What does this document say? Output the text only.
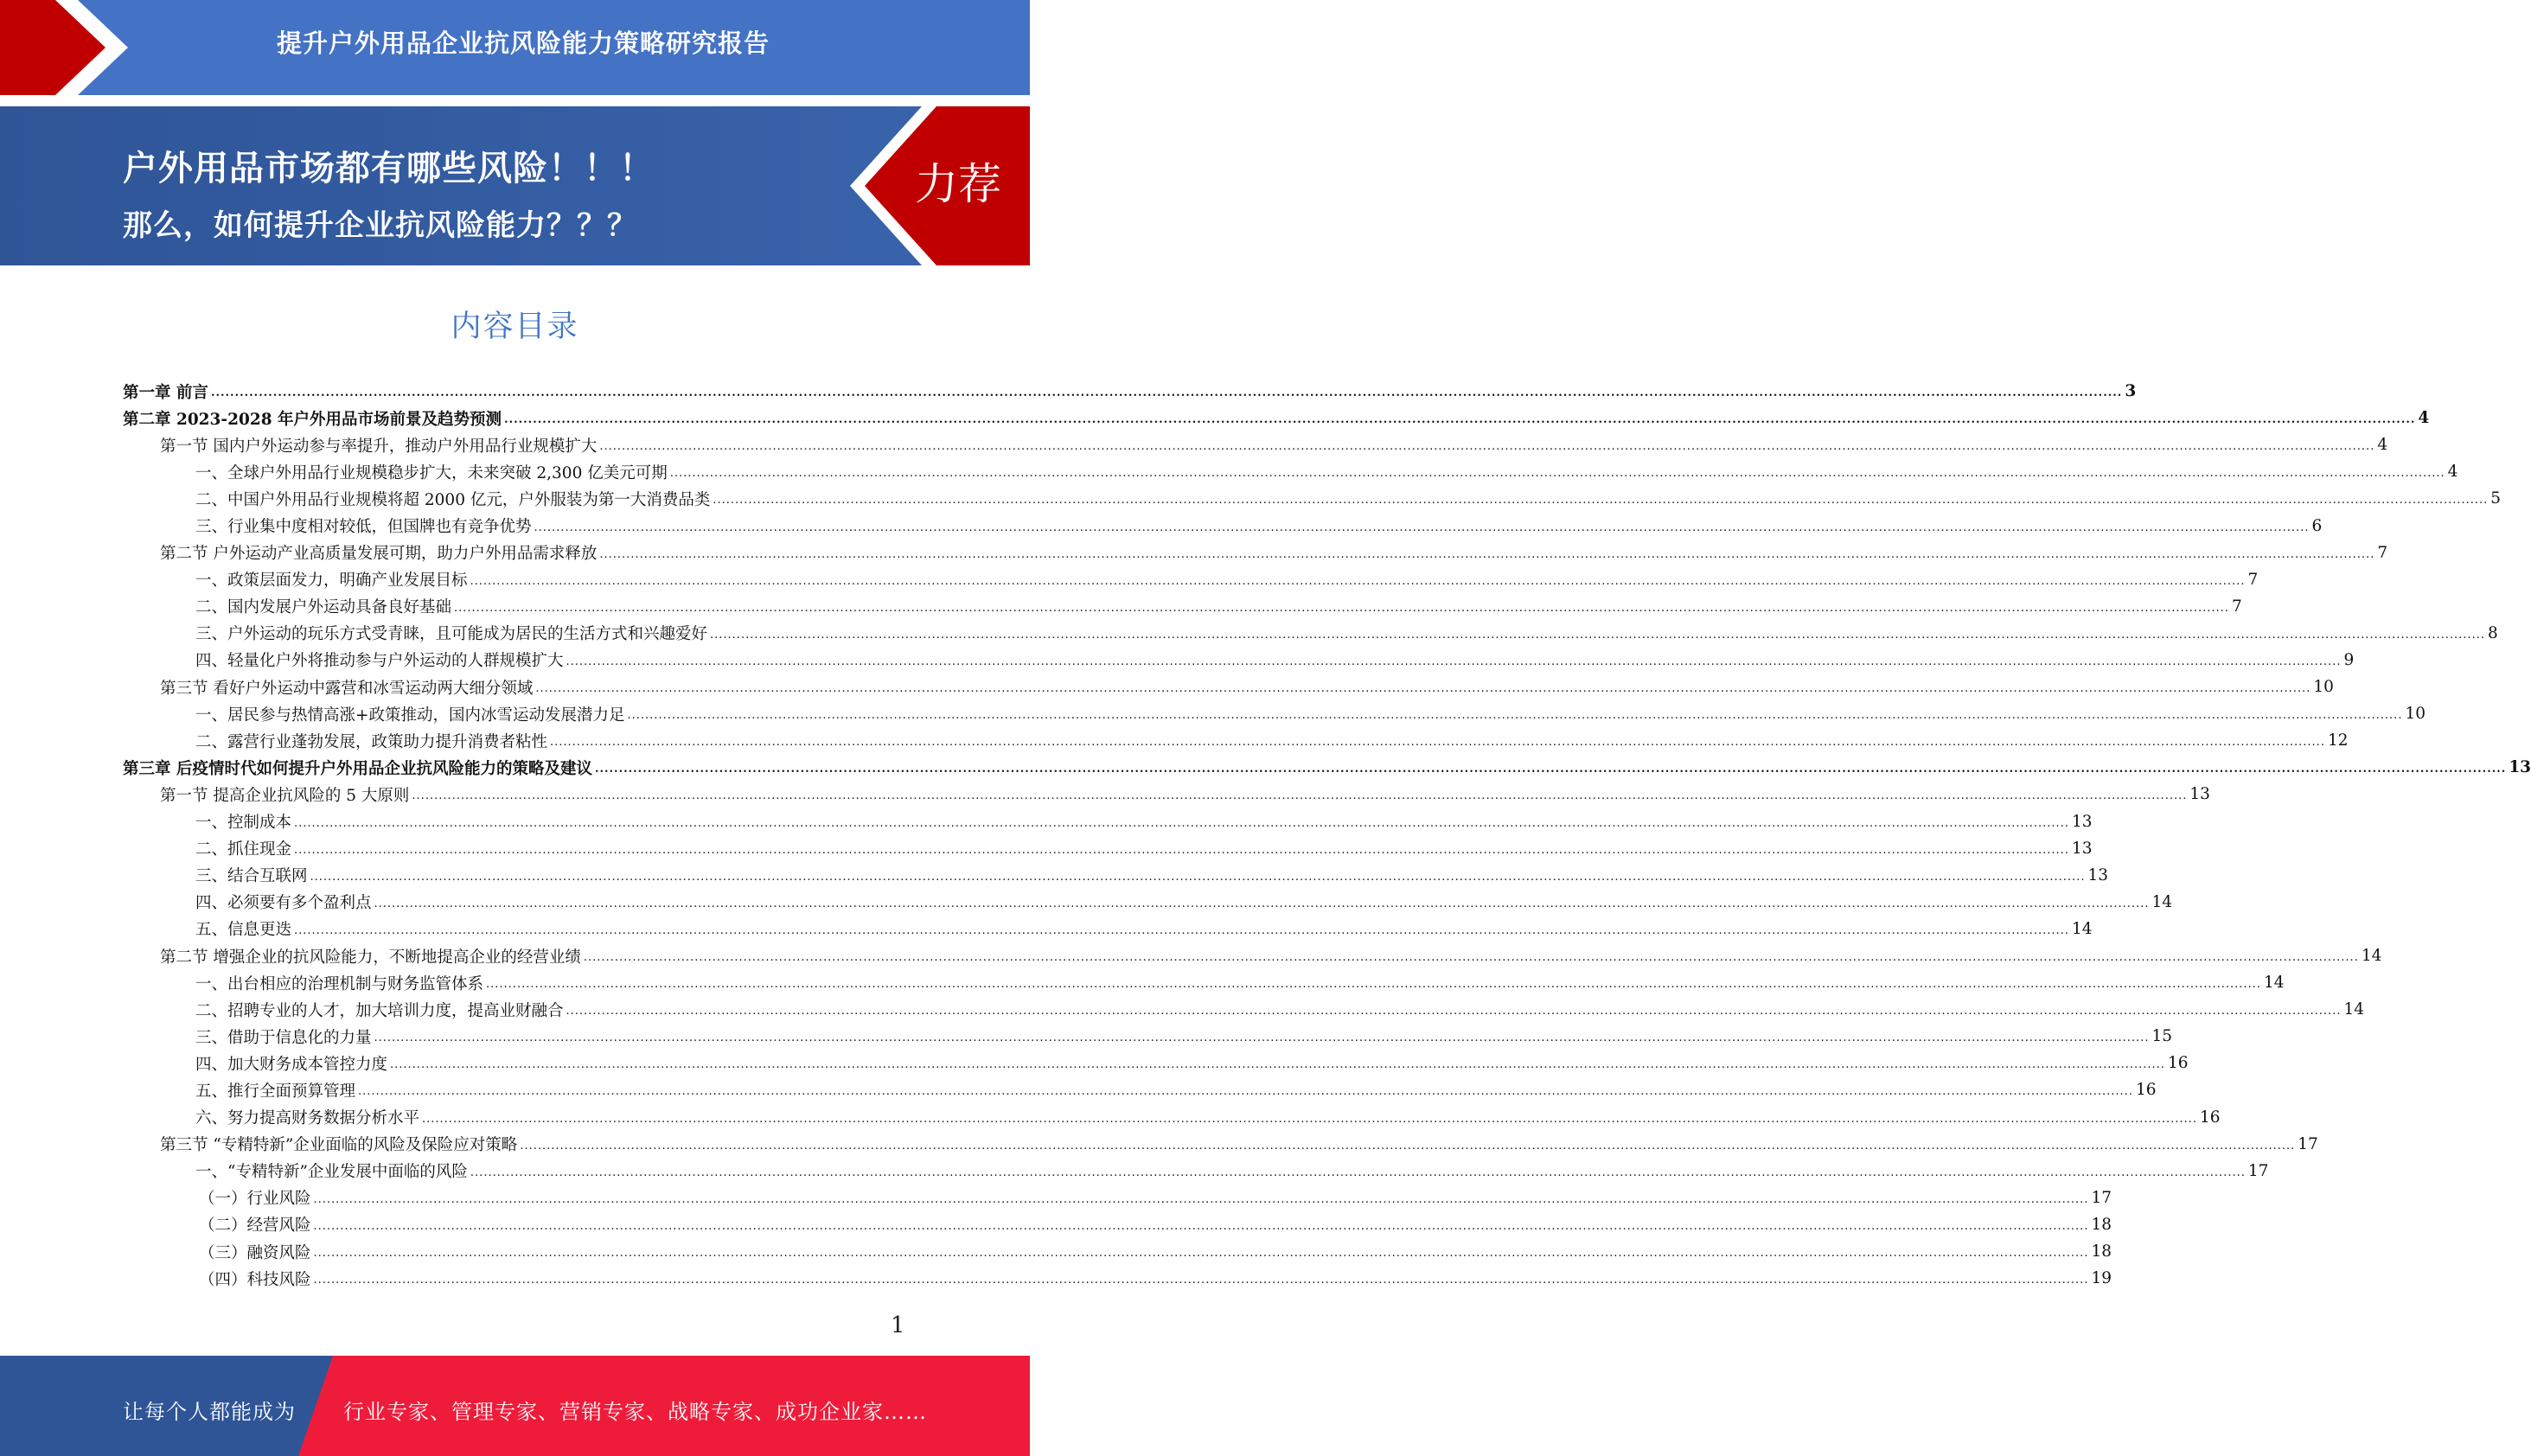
提升户外用品企业抗风险能力策略研究报告
户外用品市场都有哪些风险！！！
那么，如何提升企业抗风险能力？？？
力荐
内容目录
第一章 前言 ................................................................................................................................................................................................................................................................................................................................................................................................................ 3
第二章 2023-2028 年户外用品市场前景及趋势预测 ................................................................................................................................................................................................................................................................................................................................................................................................................ 4
第一节 国内户外运动参与率提升，推动户外用品行业规模扩大 ................................................................................................................................................................................................................................................................................................................................................................................................................ 4
一、全球户外用品行业规模稳步扩大，未来突破 2,300 亿美元可期 ................................................................................................................................................................................................................................................................................................................................................................................................................ 4
二、中国户外用品行业规模将超 2000 亿元，户外服装为第一大消费品类 ................................................................................................................................................................................................................................................................................................................................................................................................................ 5
三、行业集中度相对较低，但国牌也有竞争优势 ................................................................................................................................................................................................................................................................................................................................................................................................................ 6
第二节 户外运动产业高质量发展可期，助力户外用品需求释放 ................................................................................................................................................................................................................................................................................................................................................................................................................ 7
一、政策层面发力，明确产业发展目标 ................................................................................................................................................................................................................................................................................................................................................................................................................ 7
二、国内发展户外运动具备良好基础 ................................................................................................................................................................................................................................................................................................................................................................................................................ 7
三、户外运动的玩乐方式受青睐，且可能成为居民的生活方式和兴趣爱好 ................................................................................................................................................................................................................................................................................................................................................................................................................ 8
四、轻量化户外将推动参与户外运动的人群规模扩大 ................................................................................................................................................................................................................................................................................................................................................................................................................ 9
第三节 看好户外运动中露营和冰雪运动两大细分领域 ................................................................................................................................................................................................................................................................................................................................................................................................................ 10
一、居民参与热情高涨+政策推动，国内冰雪运动发展潜力足 ................................................................................................................................................................................................................................................................................................................................................................................................................ 10
二、露营行业蓬勃发展，政策助力提升消费者粘性 ................................................................................................................................................................................................................................................................................................................................................................................................................ 12
第三章 后疫情时代如何提升户外用品企业抗风险能力的策略及建议 ................................................................................................................................................................................................................................................................................................................................................................................................................ 13
第一节 提高企业抗风险的 5 大原则 ................................................................................................................................................................................................................................................................................................................................................................................................................ 13
一、控制成本 ................................................................................................................................................................................................................................................................................................................................................................................................................ 13
二、抓住现金 ................................................................................................................................................................................................................................................................................................................................................................................................................ 13
三、结合互联网 ................................................................................................................................................................................................................................................................................................................................................................................................................ 13
四、必须要有多个盈利点 ................................................................................................................................................................................................................................................................................................................................................................................................................ 14
五、信息更迭 ................................................................................................................................................................................................................................................................................................................................................................................................................ 14
第二节 增强企业的抗风险能力，不断地提高企业的经营业绩 ................................................................................................................................................................................................................................................................................................................................................................................................................ 14
一、出台相应的治理机制与财务监管体系 ................................................................................................................................................................................................................................................................................................................................................................................................................ 14
二、招聘专业的人才，加大培训力度，提高业财融合 ................................................................................................................................................................................................................................................................................................................................................................................................................ 14
三、借助于信息化的力量 ................................................................................................................................................................................................................................................................................................................................................................................................................ 15
四、加大财务成本管控力度 ................................................................................................................................................................................................................................................................................................................................................................................................................ 16
五、推行全面预算管理 ................................................................................................................................................................................................................................................................................................................................................................................................................ 16
六、努力提高财务数据分析水平 ................................................................................................................................................................................................................................................................................................................................................................................................................ 16
第三节 “专精特新”企业面临的风险及保险应对策略 ................................................................................................................................................................................................................................................................................................................................................................................................................ 17
一、“专精特新”企业发展中面临的风险 ................................................................................................................................................................................................................................................................................................................................................................................................................ 17
（一）行业风险 ................................................................................................................................................................................................................................................................................................................................................................................................................ 17
（二）经营风险 ................................................................................................................................................................................................................................................................................................................................................................................................................ 18
（三）融资风险 ................................................................................................................................................................................................................................................................................................................................................................................................................ 18
（四）科技风险 ................................................................................................................................................................................................................................................................................................................................................................................................................ 19
1
让每个人都能成为 行业专家、管理专家、营销专家、战略专家、成功企业家……
